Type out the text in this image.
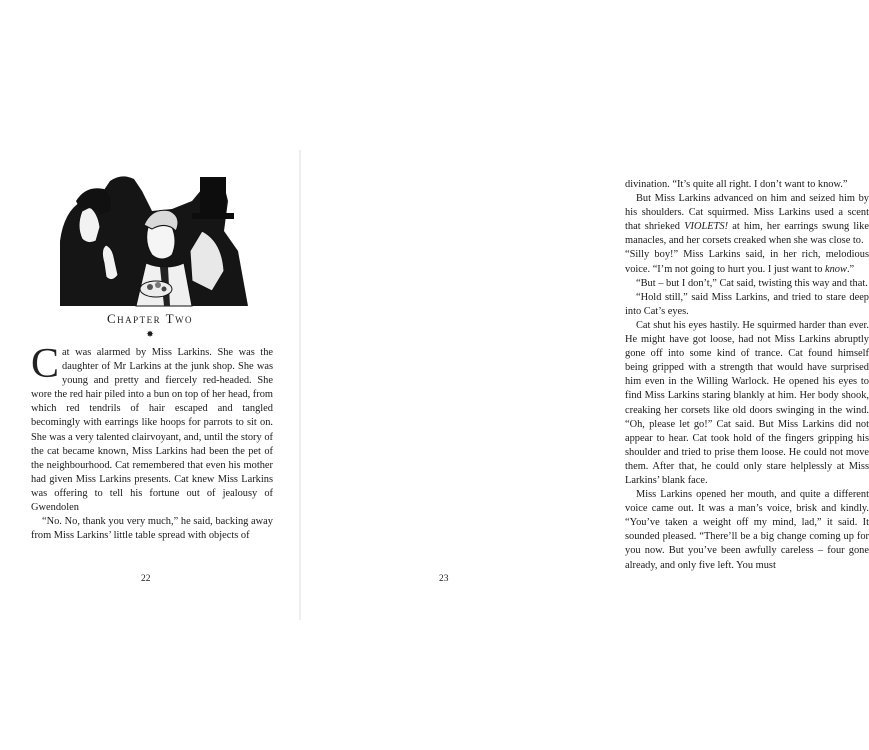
Chapter Two
✸

Cat was alarmed by Miss Larkins. She was the daughter of Mr Larkins at the junk shop. She was young and pretty and fiercely red-headed. She wore the red hair piled into a bun on top of her head, from which red tendrils of hair escaped and tangled becomingly with earrings like hoops for parrots to sit on. She was a very talented clairvoyant, and, until the story of the cat became known, Miss Larkins had been the pet of the neighbourhood. Cat remembered that even his mother had given Miss Larkins presents. Cat knew Miss Larkins was offering to tell his fortune out of jealousy of Gwendolen

“No. No, thank you very much,” he said, backing away from Miss Larkins’ little table spread with objects of

22

divination. “It’s quite all right. I don’t want to know.”

But Miss Larkins advanced on him and seized him by his shoulders. Cat squirmed. Miss Larkins used a scent that shrieked VIOLETS! at him, her earrings swung like manacles, and her corsets creaked when she was close to.

“Silly boy!” Miss Larkins said, in her rich, melodious voice. “I’m not going to hurt you. I just want to know.”

“But – but I don’t,” Cat said, twisting this way and that.

“Hold still,” said Miss Larkins, and tried to stare deep into Cat’s eyes.

Cat shut his eyes hastily. He squirmed harder than ever. He might have got loose, had not Miss Larkins abruptly gone off into some kind of trance. Cat found himself being gripped with a strength that would have surprised him even in the Willing Warlock. He opened his eyes to find Miss Larkins staring blankly at him. Her body shook, creaking her corsets like old doors swinging in the wind. “Oh, please let go!” Cat said. But Miss Larkins did not appear to hear. Cat took hold of the fingers gripping his shoulder and tried to prise them loose. He could not move them. After that, he could only stare helplessly at Miss Larkins’ blank face.

Miss Larkins opened her mouth, and quite a different voice came out. It was a man’s voice, brisk and kindly. “You’ve taken a weight off my mind, lad,” it said. It sounded pleased. “There’ll be a big change coming up for you now. But you’ve been awfully careless – four gone already, and only five left. You must

23
